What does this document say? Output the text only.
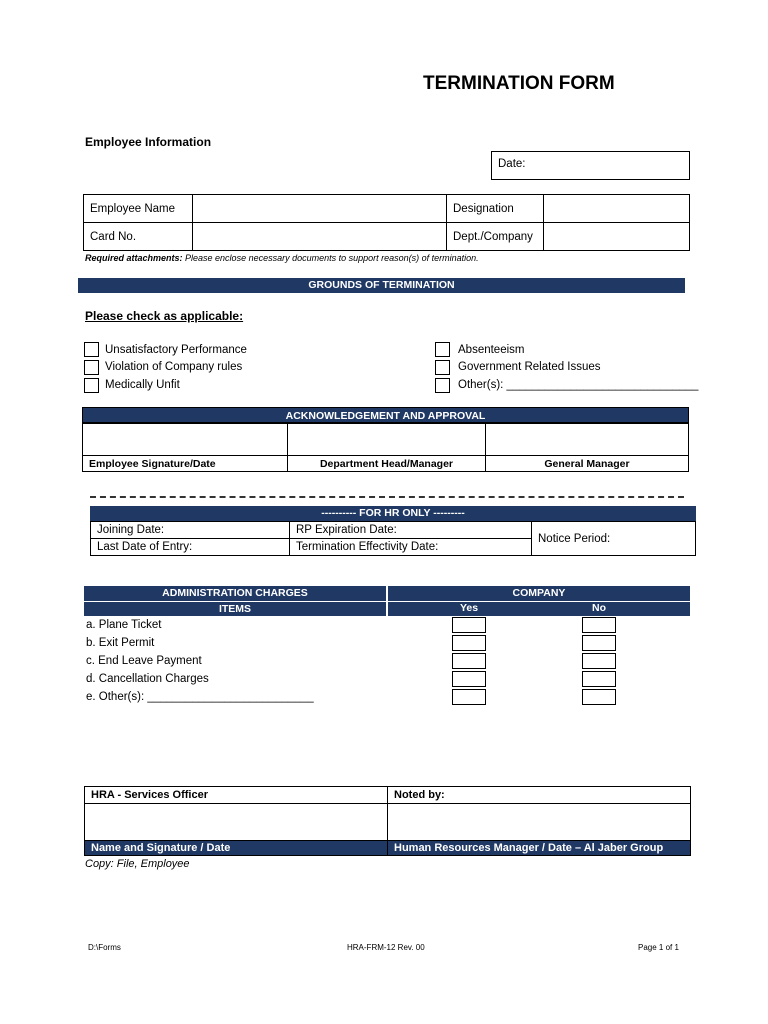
TERMINATION FORM
Employee Information
Date:
Employee Name		Designation	
Card No.		Dept./Company	
Required attachments: Please enclose necessary documents to support reason(s) of termination.
GROUNDS OF TERMINATION
Please check as applicable:
Unsatisfactory Performance
Violation of Company rules
Medically Unfit
Absenteeism
Government Related Issues
Other(s): ______________________________
ACKNOWLEDGEMENT AND APPROVAL

Employee Signature/Date	Department Head/Manager	General Manager
---------- FOR HR ONLY ---------
Joining Date:	RP Expiration Date:	Notice Period:
Last Date of Entry:	Termination Effectivity Date:	
ADMINISTRATION CHARGES	COMPANY
ITEMS	Yes	No
a. Plane Ticket
b. Exit Permit
c. End Leave Payment
d. Cancellation Charges
e. Other(s): __________________________
HRA - Services Officer	Noted by:

Name and Signature / Date	Human Resources Manager / Date – Al Jaber Group
Copy: File, Employee
D:\Forms	HRA-FRM-12 Rev. 00	Page 1 of 1
